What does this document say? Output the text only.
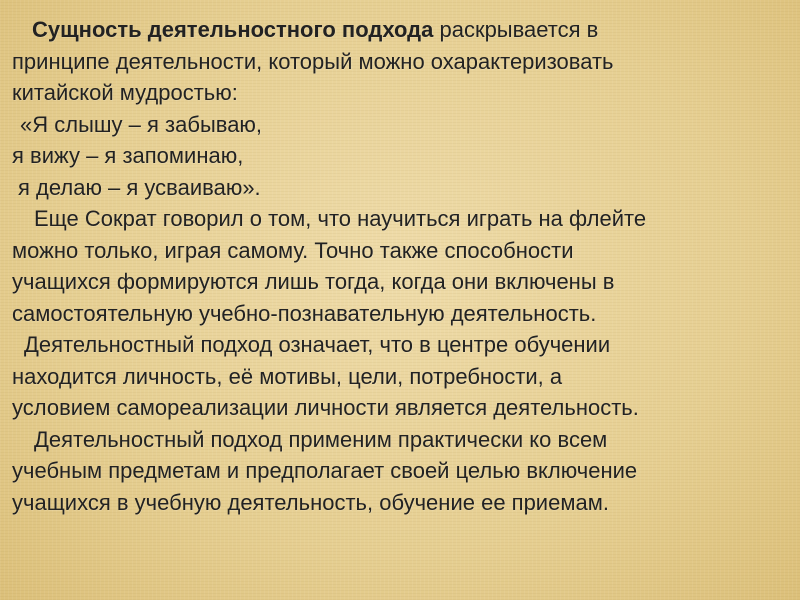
Сущность деятельностного подхода раскрывается в
принципе деятельности, который можно охарактеризовать
китайской мудростью:
«Я слышу – я забываю,
я вижу – я запоминаю,
я делаю – я усваиваю».
Еще Сократ говорил о том, что научиться играть на флейте
можно только, играя самому. Точно также способности
учащихся формируются лишь тогда, когда они включены в
самостоятельную учебно-познавательную деятельность.
Деятельностный подход означает, что в центре обучении
находится личность, её мотивы, цели, потребности, а
условием самореализации личности является деятельность.
Деятельностный подход применим практически ко всем
учебным предметам и предполагает своей целью включение
учащихся в учебную деятельность, обучение ее приемам.
